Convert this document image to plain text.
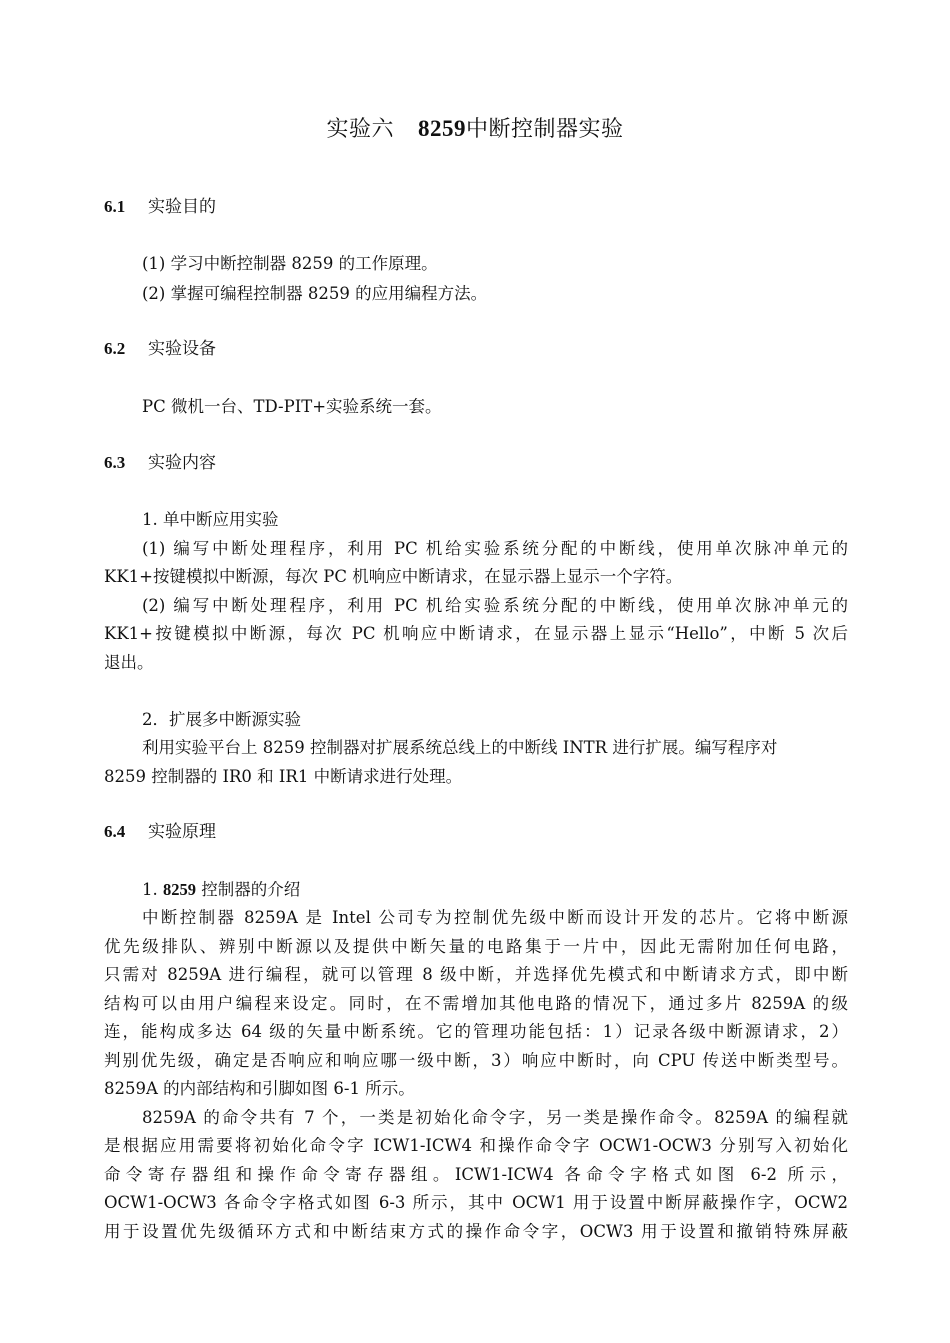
实验六 8259中断控制器实验
6.1 实验目的
(1) 学习中断控制器 8259 的工作原理。
(2) 掌握可编程控制器 8259 的应用编程方法。
6.2 实验设备
PC 微机一台、TD-PIT+实验系统一套。
6.3 实验内容
1. 单中断应用实验
(1) 编写中断处理程序，利用 PC 机给实验系统分配的中断线，使用单次脉冲单元的
KK1+按键模拟中断源，每次 PC 机响应中断请求，在显示器上显示一个字符。
(2) 编写中断处理程序，利用 PC 机给实验系统分配的中断线，使用单次脉冲单元的
KK1+按键模拟中断源，每次 PC 机响应中断请求，在显示器上显示“Hello”，中断 5 次后
退出。
2．扩展多中断源实验
利用实验平台上 8259 控制器对扩展系统总线上的中断线 INTR 进行扩展。编写程序对
8259 控制器的 IR0 和 IR1 中断请求进行处理。
6.4 实验原理
1. 8259 控制器的介绍
中断控制器 8259A 是 Intel 公司专为控制优先级中断而设计开发的芯片。它将中断源
优先级排队、辨别中断源以及提供中断矢量的电路集于一片中，因此无需附加任何电路，
只需对 8259A 进行编程，就可以管理 8 级中断，并选择优先模式和中断请求方式，即中断
结构可以由用户编程来设定。同时，在不需增加其他电路的情况下，通过多片 8259A 的级
连，能构成多达 64 级的矢量中断系统。它的管理功能包括：1）记录各级中断源请求，2）
判别优先级，确定是否响应和响应哪一级中断，3）响应中断时，向 CPU 传送中断类型号。
8259A 的内部结构和引脚如图 6-1 所示。
8259A 的命令共有 7 个，一类是初始化命令字，另一类是操作命令。8259A 的编程就
是根据应用需要将初始化命令字 ICW1-ICW4 和操作命令字 OCW1-OCW3 分别写入初始化
命令寄存器组和操作命令寄存器组。ICW1-ICW4 各命令字格式如图 6-2 所示，
OCW1-OCW3 各命令字格式如图 6-3 所示，其中 OCW1 用于设置中断屏蔽操作字，OCW2
用于设置优先级循环方式和中断结束方式的操作命令字，OCW3 用于设置和撤销特殊屏蔽
